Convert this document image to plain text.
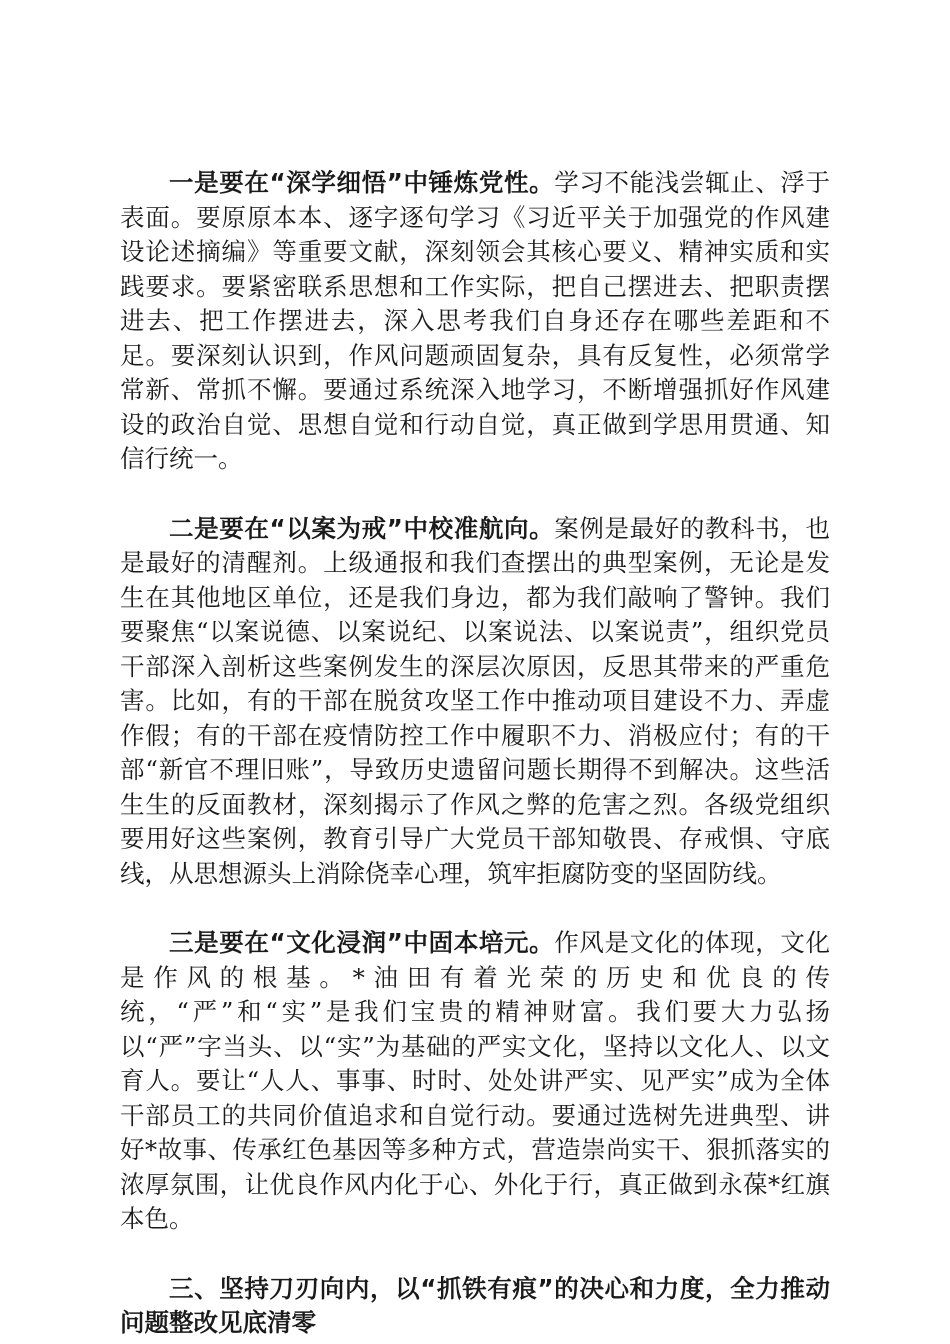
一是要在“深学细悟”中锤炼党性。学习不能浅尝辄止、浮于表面。要原原本本、逐字逐句学习《习近平关于加强党的作风建设论述摘编》等重要文献，深刻领会其核心要义、精神实质和实践要求。要紧密联系思想和工作实际，把自己摆进去、把职责摆进去、把工作摆进去，深入思考我们自身还存在哪些差距和不足。要深刻认识到，作风问题顽固复杂，具有反复性，必须常学常新、常抓不懈。要通过系统深入地学习，不断增强抓好作风建设的政治自觉、思想自觉和行动自觉，真正做到学思用贯通、知信行统一。

二是要在“以案为戒”中校准航向。案例是最好的教科书，也是最好的清醒剂。上级通报和我们查摆出的典型案例，无论是发生在其他地区单位，还是我们身边，都为我们敲响了警钟。我们要聚焦“以案说德、以案说纪、以案说法、以案说责”，组织党员干部深入剖析这些案例发生的深层次原因，反思其带来的严重危害。比如，有的干部在脱贫攻坚工作中推动项目建设不力、弄虚作假；有的干部在疫情防控工作中履职不力、消极应付；有的干部“新官不理旧账”，导致历史遗留问题长期得不到解决。这些活生生的反面教材，深刻揭示了作风之弊的危害之烈。各级党组织要用好这些案例，教育引导广大党员干部知敬畏、存戒惧、守底线，从思想源头上消除侥幸心理，筑牢拒腐防变的坚固防线。

三是要在“文化浸润”中固本培元。作风是文化的体现，文化是作风的根基。*油田有着光荣的历史和优良的传统，“严”和“实”是我们宝贵的精神财富。我们要大力弘扬以“严”字当头、以“实”为基础的严实文化，坚持以文化人、以文育人。要让“人人、事事、时时、处处讲严实、见严实”成为全体干部员工的共同价值追求和自觉行动。要通过选树先进典型、讲好*故事、传承红色基因等多种方式，营造崇尚实干、狠抓落实的浓厚氛围，让优良作风内化于心、外化于行，真正做到永葆*红旗本色。

三、坚持刀刃向内，以“抓铁有痕”的决心和力度，全力推动问题整改见底清零
